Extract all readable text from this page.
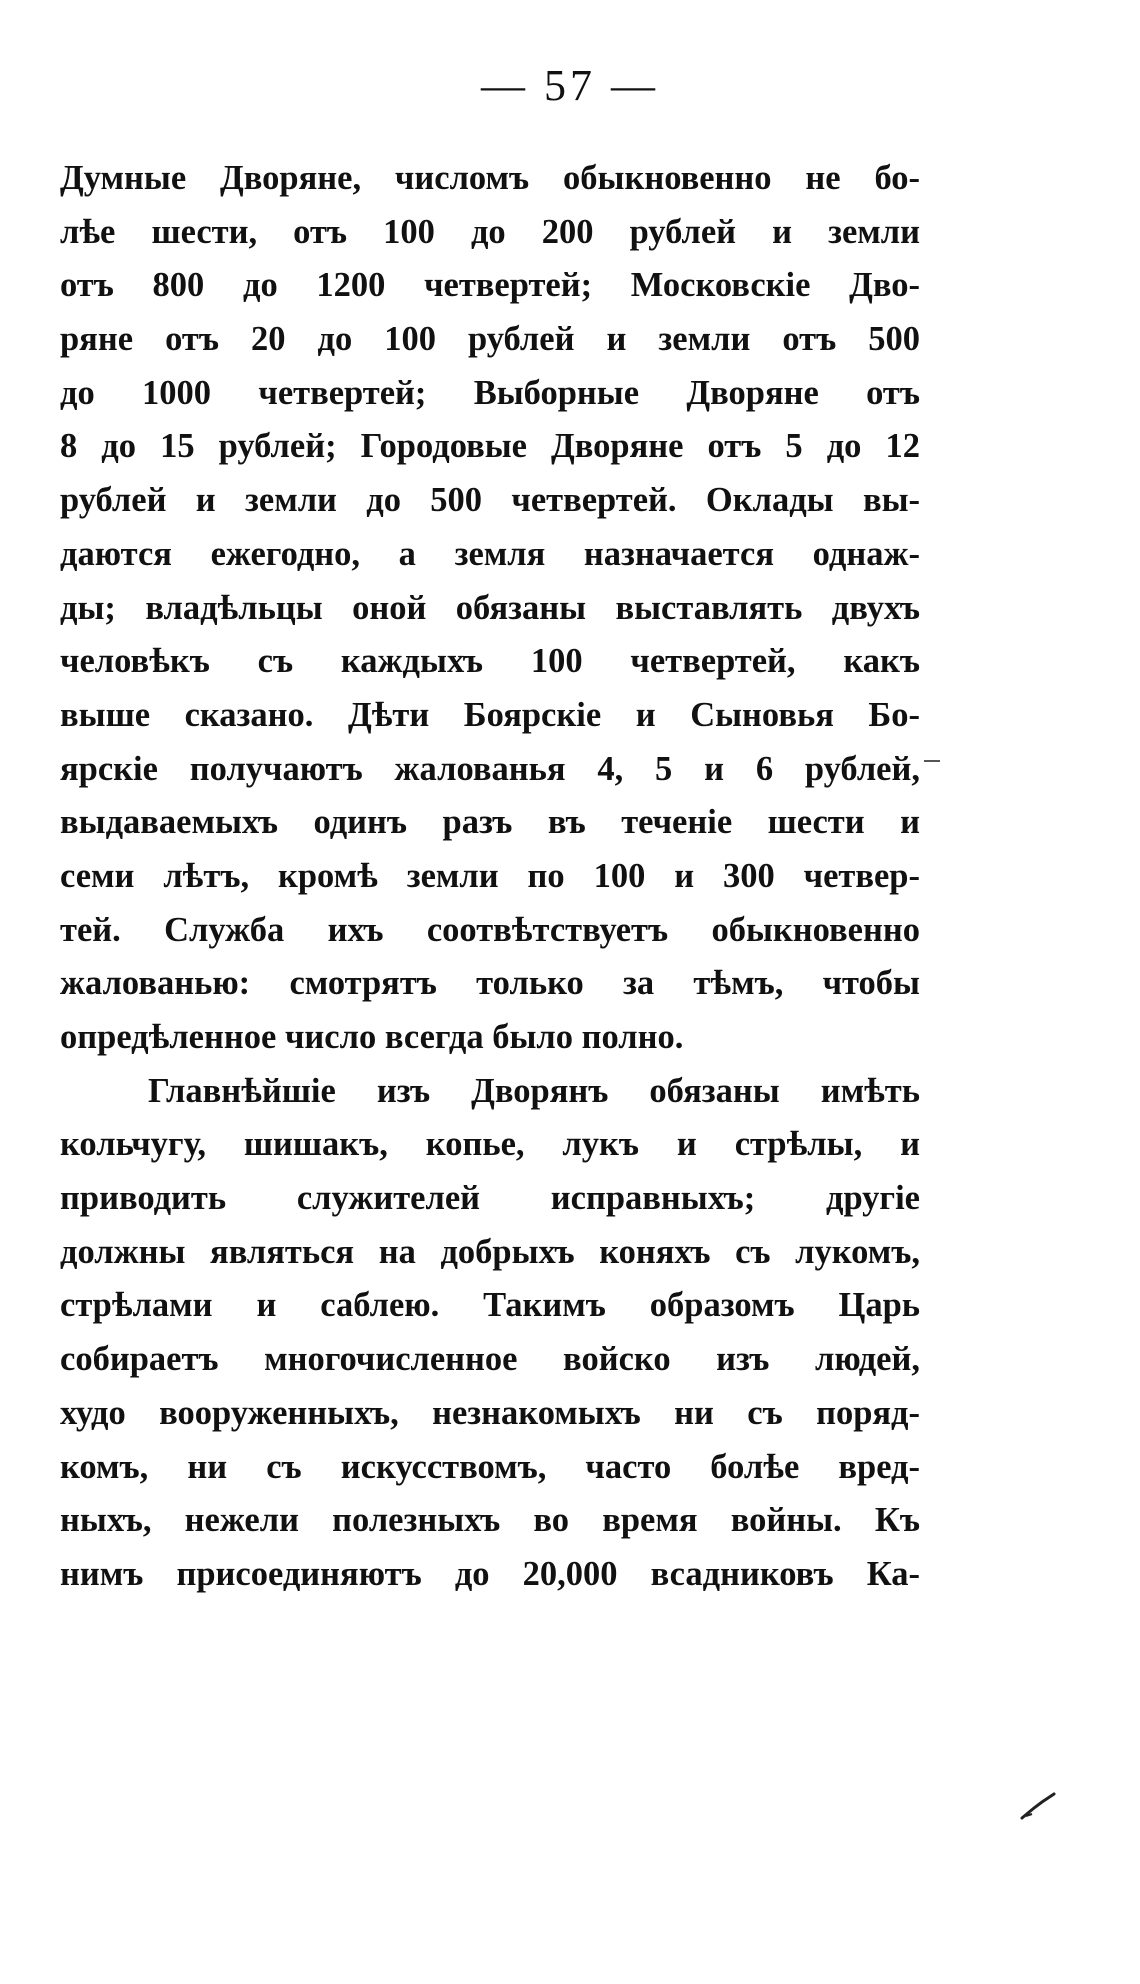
— 57 —
Думные Дворяне, числомъ обыкновенно не бо-
лѣе шести, отъ 100 до 200 рублей и земли
отъ 800 до 1200 четвертей; Московскіе Дво-
ряне отъ 20 до 100 рублей и земли отъ 500
до 1000 четвертей; Выборные Дворяне отъ
8 до 15 рублей; Городовые Дворяне отъ 5 до 12
рублей и земли до 500 четвертей. Оклады вы-
даются ежегодно, а земля назначается однаж-
ды; владѣльцы оной обязаны выставлять двухъ
человѣкъ съ каждыхъ 100 четвертей, какъ
выше сказано. Дѣти Боярскіе и Сыновья Бо-
ярскіе получаютъ жалованья 4, 5 и 6 рублей,
выдаваемыхъ одинъ разъ въ теченіе шести и
семи лѣтъ, кромѣ земли по 100 и 300 четвер-
тей. Служба ихъ соотвѣтствуетъ обыкновенно
жалованью: смотрятъ только за тѣмъ, чтобы
опредѣленное число всегда было полно.
Главнѣйшіе изъ Дворянъ обязаны имѣть
кольчугу, шишакъ, копье, лукъ и стрѣлы, и
приводить служителей исправныхъ; другіе
должны являться на добрыхъ коняхъ съ лукомъ,
стрѣлами и саблею. Такимъ образомъ Царь
собираетъ многочисленное войско изъ людей,
худо вооруженныхъ, незнакомыхъ ни съ поряд-
комъ, ни съ искусствомъ, часто болѣе вред-
ныхъ, нежели полезныхъ во время войны. Къ
нимъ присоединяютъ до 20,000 всадниковъ Ка-
